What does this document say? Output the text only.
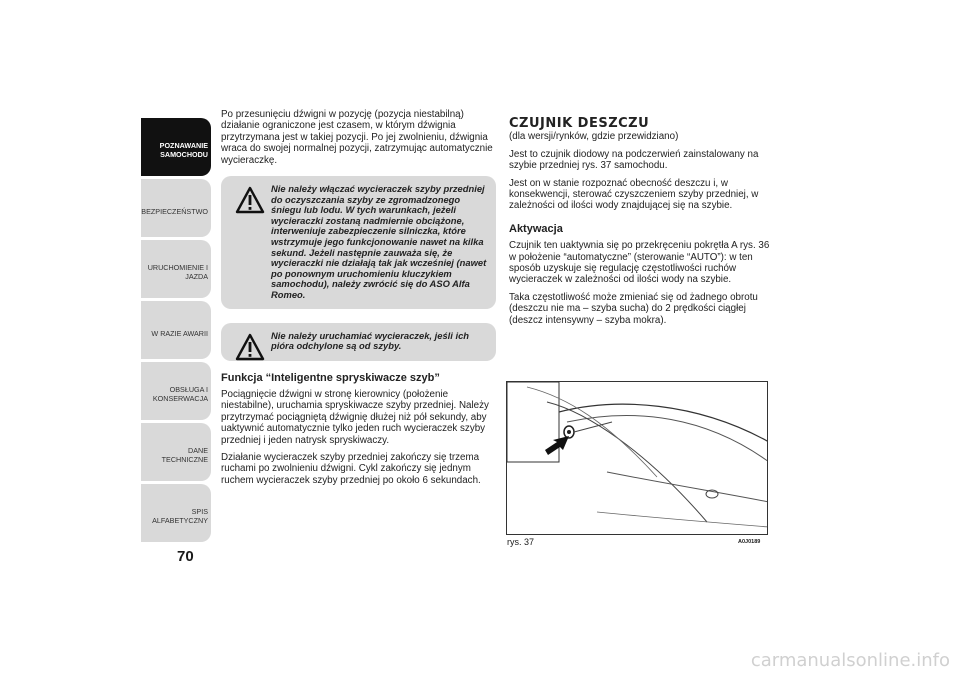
POZNAWANIE
SAMOCHODU
BEZPIECZEŃSTWO
URUCHOMIENIE I
JAZDA
W RAZIE AWARII
OBSŁUGA I
KONSERWACJA
DANE TECHNICZNE
SPIS ALFABETYCZNY
70

Po przesunięciu dźwigni w pozycję (pozycja niestabilną) działanie ograniczone jest czasem, w którym dźwignia przytrzymana jest w takiej pozycji. Po jej zwolnieniu, dźwignia wraca do swojej normalnej pozycji, zatrzymując automatycznie wycieraczkę.

Nie należy włączać wycieraczek szyby przedniej do oczyszczania szyby ze zgromadzonego śniegu lub lodu. W tych warunkach, jeżeli wycieraczki zostaną nadmiernie obciążone, interweniuje zabezpieczenie silniczka, które wstrzymuje jego funkcjonowanie nawet na kilka sekund. Jeżeli następnie zauważa się, że wycieraczki nie działają tak jak wcześniej (nawet po ponownym uruchomieniu kluczykiem samochodu), należy zwrócić się do ASO Alfa Romeo.
Nie należy uruchamiać wycieraczek, jeśli ich pióra odchylone są od szyby.
Funkcja “Inteligentne spryskiwacze szyb”

Pociągnięcie dźwigni w stronę kierownicy (położenie niestabilne), uruchamia spryskiwacze szyby przedniej. Należy przytrzymać pociągniętą dźwignię dłużej niż pół sekundy, aby uaktywnić automatycznie tylko jeden ruch wycieraczek szyby przedniej i jeden natrysk spryskiwaczy.

Działanie wycieraczek szyby przedniej zakończy się trzema ruchami po zwolnieniu dźwigni. Cykl zakończy się jednym ruchem wycieraczek szyby przedniej po około 6 sekundach.

CZUJNIK DESZCZU

(dla wersji/rynków, gdzie przewidziano)

Jest to czujnik diodowy na podczerwień zainstalowany na szybie przedniej rys. 37 samochodu.

Jest on w stanie rozpoznać obecność deszczu i, w konsekwencji, sterować czyszczeniem szyby przedniej, w zależności od ilości wody znajdującej się na szybie.

Aktywacja

Czujnik ten uaktywnia się po przekręceniu pokrętła A rys. 36 w położenie “automatyczne” (sterowanie “AUTO”): w ten sposób uzyskuje się regulację częstotliwości ruchów wycieraczek w zależności od ilości wody na szybie.

Taka częstotliwość może zmieniać się od żadnego obrotu (deszczu nie ma – szyba sucha) do 2 prędkości ciągłej (deszcz intensywny – szyba mokra).

rys. 37	A0J0189
carmanualsonline.info
